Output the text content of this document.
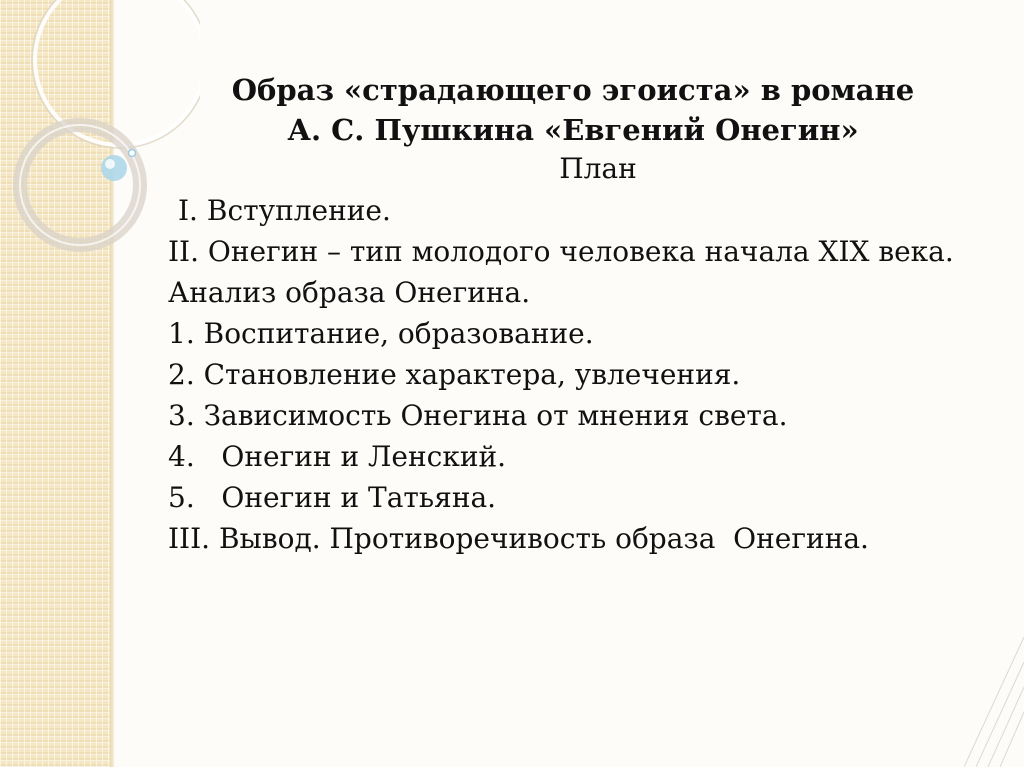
Образ «страдающего эгоиста» в романе

А. С. Пушкина «Евгений Онегин»

План

I. Вступление.
II. Онегин – тип молодого человека начала XIX века. Анализ образа Онегина.
1. Воспитание, образование.
2. Становление характера, увлечения.
3. Зависимость Онегина от мнения света.
4.   Онегин и Ленский.
5.   Онегин и Татьяна.
III. Вывод. Противоречивость образа  Онегина.
